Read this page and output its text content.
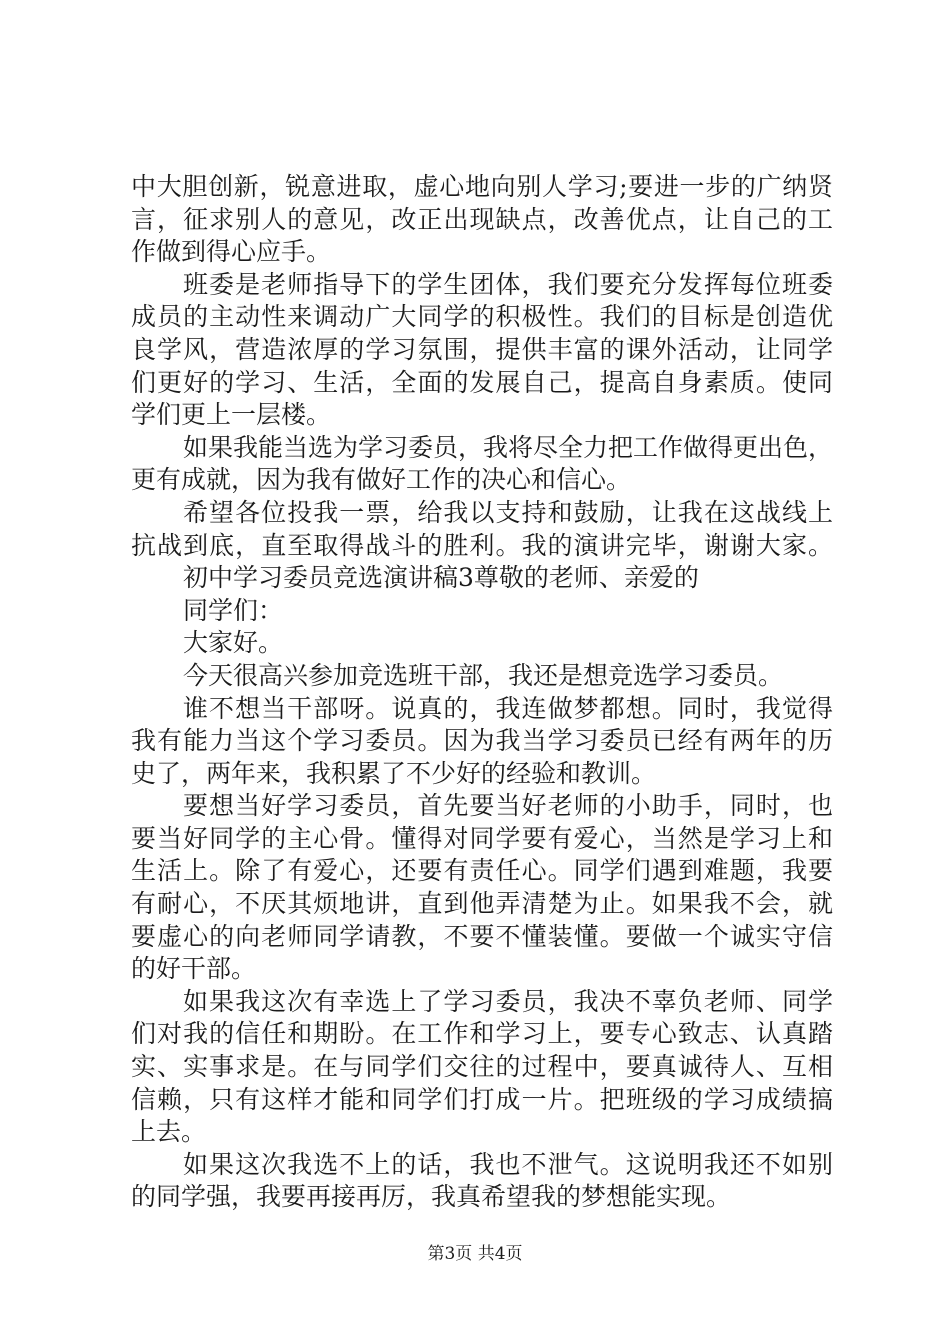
中大胆创新，锐意进取，虚心地向别人学习;要进一步的广纳贤
言，征求别人的意见，改正出现缺点，改善优点，让自己的工
作做到得心应手。
班委是老师指导下的学生团体，我们要充分发挥每位班委
成员的主动性来调动广大同学的积极性。我们的目标是创造优
良学风，营造浓厚的学习氛围，提供丰富的课外活动，让同学
们更好的学习、生活，全面的发展自己，提高自身素质。使同
学们更上一层楼。
如果我能当选为学习委员，我将尽全力把工作做得更出色，
更有成就，因为我有做好工作的决心和信心。
希望各位投我一票，给我以支持和鼓励，让我在这战线上
抗战到底，直至取得战斗的胜利。我的演讲完毕，谢谢大家。
初中学习委员竞选演讲稿3尊敬的老师、亲爱的
同学们：
大家好。
今天很高兴参加竞选班干部，我还是想竞选学习委员。
谁不想当干部呀。说真的，我连做梦都想。同时，我觉得
我有能力当这个学习委员。因为我当学习委员已经有两年的历
史了，两年来，我积累了不少好的经验和教训。
要想当好学习委员，首先要当好老师的小助手，同时，也
要当好同学的主心骨。懂得对同学要有爱心，当然是学习上和
生活上。除了有爱心，还要有责任心。同学们遇到难题，我要
有耐心，不厌其烦地讲，直到他弄清楚为止。如果我不会，就
要虚心的向老师同学请教，不要不懂装懂。要做一个诚实守信
的好干部。
如果我这次有幸选上了学习委员，我决不辜负老师、同学
们对我的信任和期盼。在工作和学习上，要专心致志、认真踏
实、实事求是。在与同学们交往的过程中，要真诚待人、互相
信赖，只有这样才能和同学们打成一片。把班级的学习成绩搞
上去。
如果这次我选不上的话，我也不泄气。这说明我还不如别
的同学强，我要再接再厉，我真希望我的梦想能实现。
第3页 共4页
